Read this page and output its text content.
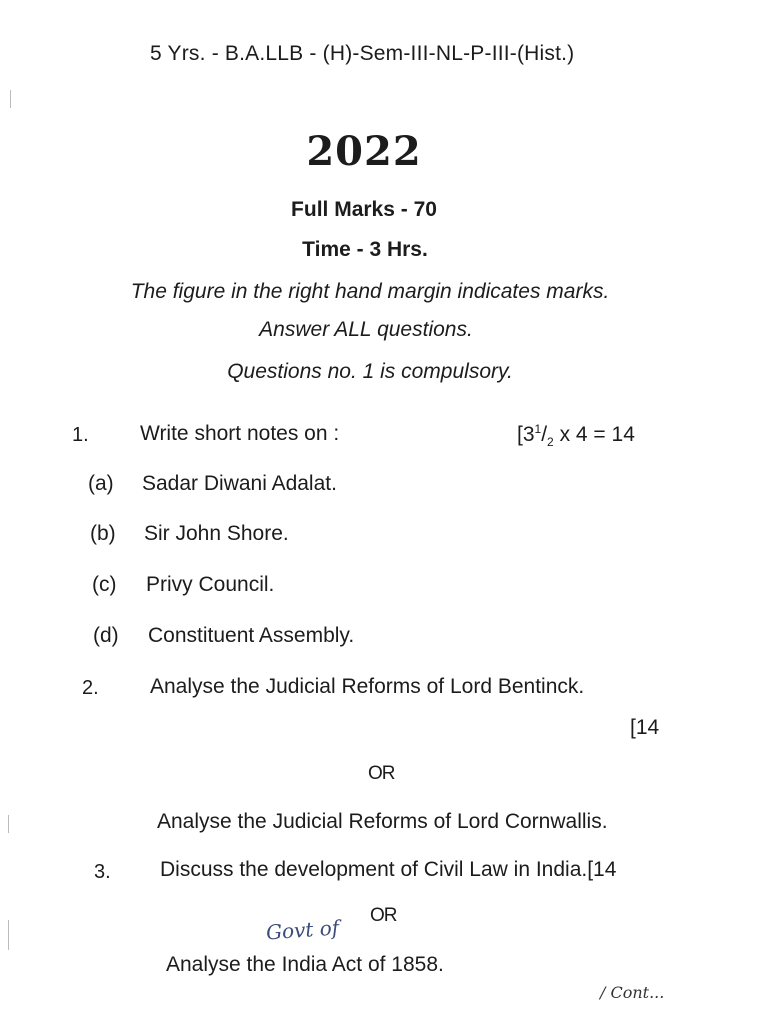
5 Yrs. - B.A.LLB - (H)-Sem-III-NL-P-III-(Hist.)
2022
Full Marks - 70
Time - 3 Hrs.
The figure in the right hand margin indicates marks.
Answer ALL questions.
Questions no. 1 is compulsory.
1. Write short notes on :	[$3^1/_2$ x 4 = 14
(a) Sadar Diwani Adalat.
(b) Sir John Shore.
(c) Privy Council.
(d) Constituent Assembly.
2. Analyse the Judicial Reforms of Lord Bentinck.
[14
OR
Analyse the Judicial Reforms of Lord Cornwallis.
3. Discuss the development of Civil Law in India.[14
OR
Govt of
Analyse the India Act of 1858.
/ Cont...
